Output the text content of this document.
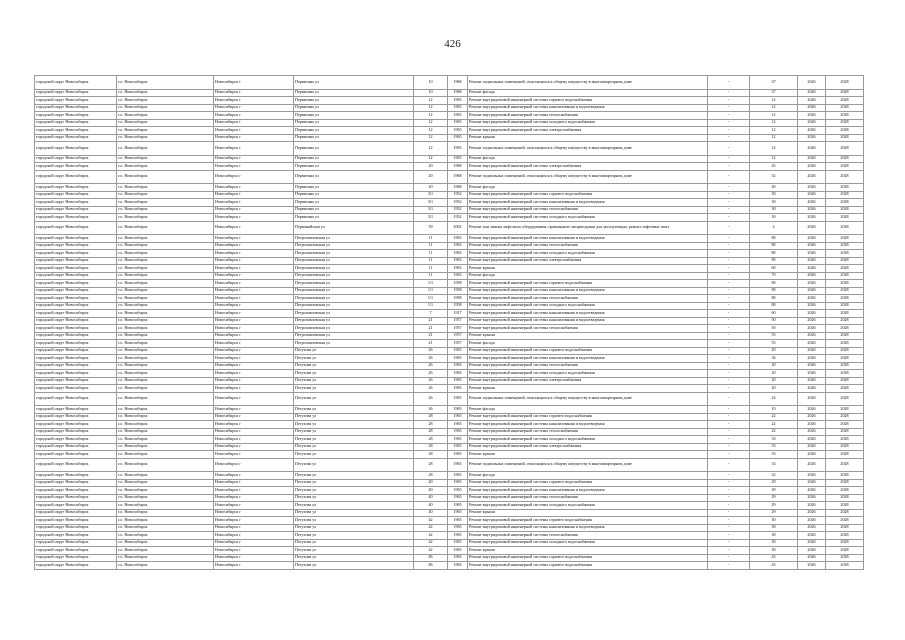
426
городской округ Новосибирск	г.о. Новосибирск	Новосибирск г	Первитина ул	10	1968	Ремонт подвальных помещений, относящихся к общему имуществу в многоквартирном доме	-	37	2026	2028
городской округ Новосибирск	г.о. Новосибирск	Новосибирск г	Первитина ул	10	1968	Ремонт фасада	-	37	2026	2028
городской округ Новосибирск	г.о. Новосибирск	Новосибирск г	Первитина ул	12	1965	Ремонт внутридомовой инженерной системы горячего водоснабжения	-	12	2026	2028
городской округ Новосибирск	г.о. Новосибирск	Новосибирск г	Первитина ул	12	1965	Ремонт внутридомовой инженерной системы канализования и водоотведения	-	12	2026	2028
городской округ Новосибирск	г.о. Новосибирск	Новосибирск г	Первитина ул	12	1965	Ремонт внутридомовой инженерной системы теплоснабжения	-	12	2026	2028
городской округ Новосибирск	г.о. Новосибирск	Новосибирск г	Первитина ул	12	1965	Ремонт внутридомовой инженерной системы холодного водоснабжения	-	12	2026	2028
городской округ Новосибирск	г.о. Новосибирск	Новосибирск г	Первитина ул	12	1965	Ремонт внутридомовой инженерной системы электроснабжения	-	12	2026	2028
городской округ Новосибирск	г.о. Новосибирск	Новосибирск г	Первитина ул	12	1965	Ремонт крыши	-	12	2026	2028
городской округ Новосибирск	г.о. Новосибирск	Новосибирск г	Первитина ул	12	1965	Ремонт подвальных помещений, относящихся к общему имуществу в многоквартирном доме	-	12	2026	2028
городской округ Новосибирск	г.о. Новосибирск	Новосибирск г	Первитина ул	12	1965	Ремонт фасада	-	12	2026	2028
городской округ Новосибирск	г.о. Новосибирск	Новосибирск г	Первитина ул	20	1968	Ремонт внутридомовой инженерной системы электроснабжения	-	45	2026	2028
городской округ Новосибирск	г.о. Новосибирск	Новосибирск г	Первитина ул	20	1968	Ремонт подвальных помещений, относящихся к общему имуществу в многоквартирном доме	-	32	2026	2028
городской округ Новосибирск	г.о. Новосибирск	Новосибирск г	Первитина ул	20	1968	Ремонт фасада	-	40	2026	2028
городской округ Новосибирск	г.о. Новосибирск	Новосибирск г	Первитина ул	3/1	1952	Ремонт внутридомовой инженерной системы горячего водоснабжения	-	30	2026	2028
городской округ Новосибирск	г.о. Новосибирск	Новосибирск г	Первитина ул	3/1	1952	Ремонт внутридомовой инженерной системы канализования и водоотведения	-	30	2026	2028
городской округ Новосибирск	г.о. Новосибирск	Новосибирск г	Первитина ул	3/1	1952	Ремонт внутридомовой инженерной системы теплоснабжения	-	30	2026	2028
городской округ Новосибирск	г.о. Новосибирск	Новосибирск г	Первитина ул	3/1	1952	Ремонт внутридомовой инженерной системы холодного водоснабжения	-	30	2026	2028
городской округ Новосибирск	г.о. Новосибирск	Новосибирск г	Первомайская ул	59	2002	Ремонт или замена лифтового оборудования, признанного непригодным для эксплуатации, ремонт лифтовых шахт	-	2	2026	2028
городской округ Новосибирск	г.о. Новосибирск	Новосибирск г	Петропавловская ул	11	1963	Ремонт внутридомовой инженерной системы канализования и водоотведения	-	80	2026	2028
городской округ Новосибирск	г.о. Новосибирск	Новосибирск г	Петропавловская ул	11	1963	Ремонт внутридомовой инженерной системы теплоснабжения	-	80	2026	2028
городской округ Новосибирск	г.о. Новосибирск	Новосибирск г	Петропавловская ул	11	1963	Ремонт внутридомовой инженерной системы холодного водоснабжения	-	80	2026	2028
городской округ Новосибирск	г.о. Новосибирск	Новосибирск г	Петропавловская ул	11	1963	Ремонт внутридомовой инженерной системы электроснабжения	-	80	2026	2028
городской округ Новосибирск	г.о. Новосибирск	Новосибирск г	Петропавловская ул	11	1963	Ремонт крыши	-	60	2026	2028
городской округ Новосибирск	г.о. Новосибирск	Новосибирск г	Петропавловская ул	11	1963	Ремонт фасада	-	70	2026	2028
городской округ Новосибирск	г.о. Новосибирск	Новосибирск г	Петропавловская ул	1/1	1958	Ремонт внутридомовой инженерной системы горячего водоснабжения	-	80	2026	2028
городской округ Новосибирск	г.о. Новосибирск	Новосибирск г	Петропавловская ул	1/1	1958	Ремонт внутридомовой инженерной системы канализования и водоотведения	-	80	2026	2028
городской округ Новосибирск	г.о. Новосибирск	Новосибирск г	Петропавловская ул	1/1	1958	Ремонт внутридомовой инженерной системы теплоснабжения	-	80	2026	2028
городской округ Новосибирск	г.о. Новосибирск	Новосибирск г	Петропавловская ул	1/1	1958	Ремонт внутридомовой инженерной системы холодного водоснабжения	-	80	2026	2028
городской округ Новосибирск	г.о. Новосибирск	Новосибирск г	Петропавловская ул	7	1917	Ремонт внутридомовой инженерной системы канализования и водоотведения	-	60	2026	2028
городской округ Новосибирск	г.о. Новосибирск	Новосибирск г	Петропавловская ул	21	1957	Ремонт внутридомовой инженерной системы канализования и водоотведения	-	50	2026	2028
городской округ Новосибирск	г.о. Новосибирск	Новосибирск г	Петропавловская ул	21	1957	Ремонт внутридомовой инженерной системы теплоснабжения	-	50	2026	2028
городской округ Новосибирск	г.о. Новосибирск	Новосибирск г	Петропавловская ул	21	1957	Ремонт крыши	-	55	2026	2028
городской округ Новосибирск	г.о. Новосибирск	Новосибирск г	Петропавловская ул	21	1957	Ремонт фасада	-	55	2026	2028
городской округ Новосибирск	г.о. Новосибирск	Новосибирск г	Петухова ул	26	1965	Ремонт внутридомовой инженерной системы горячего водоснабжения	-	20	2026	2028
городской округ Новосибирск	г.о. Новосибирск	Новосибирск г	Петухова ул	26	1965	Ремонт внутридомовой инженерной системы канализования и водоотведения	-	34	2026	2028
городской округ Новосибирск	г.о. Новосибирск	Новосибирск г	Петухова ул	26	1965	Ремонт внутридомовой инженерной системы теплоснабжения	-	20	2026	2028
городской округ Новосибирск	г.о. Новосибирск	Новосибирск г	Петухова ул	26	1965	Ремонт внутридомовой инженерной системы холодного водоснабжения	-	20	2026	2028
городской округ Новосибирск	г.о. Новосибирск	Новосибирск г	Петухова ул	26	1965	Ремонт внутридомовой инженерной системы электроснабжения	-	20	2026	2028
городской округ Новосибирск	г.о. Новосибирск	Новосибирск г	Петухова ул	26	1965	Ремонт крыши	-	20	2026	2028
городской округ Новосибирск	г.о. Новосибирск	Новосибирск г	Петухова ул	26	1965	Ремонт подвальных помещений, относящихся к общему имуществу в многоквартирном доме	-	24	2026	2028
городской округ Новосибирск	г.о. Новосибирск	Новосибирск г	Петухова ул	26	1965	Ремонт фасада	-	10	2026	2028
городской округ Новосибирск	г.о. Новосибирск	Новосибирск г	Петухова ул	28	1965	Ремонт внутридомовой инженерной системы горячего водоснабжения	-	22	2026	2028
городской округ Новосибирск	г.о. Новосибирск	Новосибирск г	Петухова ул	28	1965	Ремонт внутридомовой инженерной системы канализования и водоотведения	-	22	2026	2028
городской округ Новосибирск	г.о. Новосибирск	Новосибирск г	Петухова ул	28	1965	Ремонт внутридомовой инженерной системы теплоснабжения	-	22	2026	2028
городской округ Новосибирск	г.о. Новосибирск	Новосибирск г	Петухова ул	28	1965	Ремонт внутридомовой инженерной системы холодного водоснабжения	-	33	2026	2028
городской округ Новосибирск	г.о. Новосибирск	Новосибирск г	Петухова ул	28	1965	Ремонт внутридомовой инженерной системы электроснабжения	-	33	2026	2028
городской округ Новосибирск	г.о. Новосибирск	Новосибирск г	Петухова ул	28	1965	Ремонт крыши	-	33	2026	2028
городской округ Новосибирск	г.о. Новосибирск	Новосибирск г	Петухова ул	28	1965	Ремонт подвальных помещений, относящихся к общему имуществу в многоквартирном доме	-	33	2026	2028
городской округ Новосибирск	г.о. Новосибирск	Новосибирск г	Петухова ул	28	1965	Ремонт фасада	-	32	2026	2028
городской округ Новосибирск	г.о. Новосибирск	Новосибирск г	Петухова ул	40	1965	Ремонт внутридомовой инженерной системы горячего водоснабжения	-	29	2026	2028
городской округ Новосибирск	г.о. Новосибирск	Новосибирск г	Петухова ул	40	1965	Ремонт внутридомовой инженерной системы канализования и водоотведения	-	29	2026	2028
городской округ Новосибирск	г.о. Новосибирск	Новосибирск г	Петухова ул	40	1965	Ремонт внутридомовой инженерной системы теплоснабжения	-	29	2026	2028
городской округ Новосибирск	г.о. Новосибирск	Новосибирск г	Петухова ул	40	1965	Ремонт внутридомовой инженерной системы холодного водоснабжения	-	29	2026	2028
городской округ Новосибирск	г.о. Новосибирск	Новосибирск г	Петухова ул	40	1965	Ремонт крыши	-	29	2026	2028
городской округ Новосибирск	г.о. Новосибирск	Новосибирск г	Петухова ул	42	1965	Ремонт внутридомовой инженерной системы горячего водоснабжения	-	30	2026	2028
городской округ Новосибирск	г.о. Новосибирск	Новосибирск г	Петухова ул	42	1965	Ремонт внутридомовой инженерной системы канализования и водоотведения	-	30	2026	2028
городской округ Новосибирск	г.о. Новосибирск	Новосибирск г	Петухова ул	42	1965	Ремонт внутридомовой инженерной системы теплоснабжения	-	30	2026	2028
городской округ Новосибирск	г.о. Новосибирск	Новосибирск г	Петухова ул	42	1965	Ремонт внутридомовой инженерной системы холодного водоснабжения	-	30	2026	2028
городской округ Новосибирск	г.о. Новосибирск	Новосибирск г	Петухова ул	42	1965	Ремонт крыши	-	30	2026	2028
городской округ Новосибирск	г.о. Новосибирск	Новосибирск г	Петухова ул	86	1965	Ремонт внутридомовой инженерной системы горячего водоснабжения	-	43	2026	2028
городской округ Новосибирск	г.о. Новосибирск	Новосибирск г	Петухова ул	86	1965	Ремонт внутридомовой инженерной системы горячего водоснабжения	-	43	2026	2028
